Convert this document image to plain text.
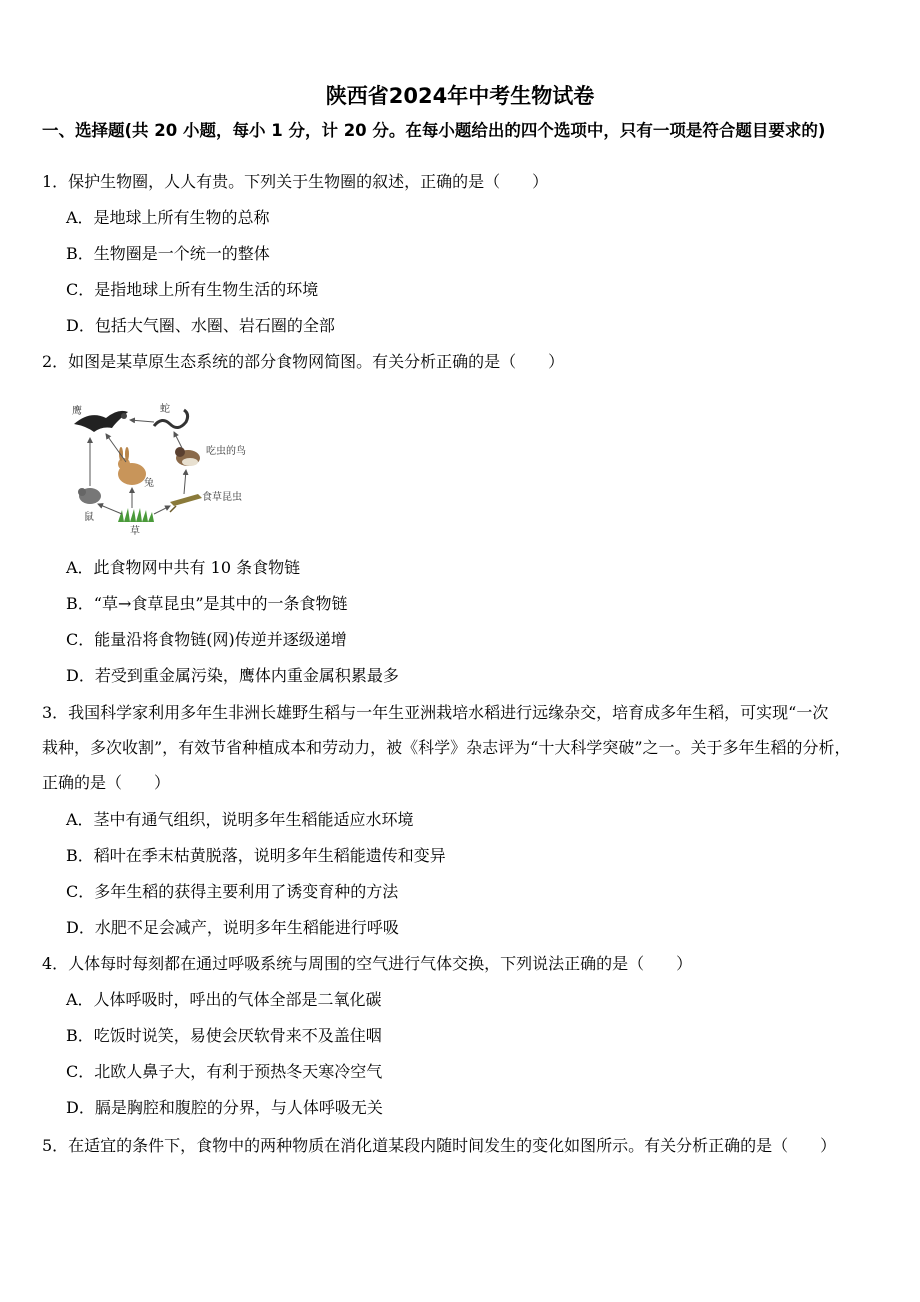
陕西省2024年中考生物试卷
一、选择题(共 20 小题，每小 1 分，计 20 分。在每小题给出的四个选项中，只有一项是符合题目要求的)
1．保护生物圈，人人有贵。下列关于生物圈的叙述，正确的是（　　）
A．是地球上所有生物的总称
B．生物圈是一个统一的整体
C．是指地球上所有生物生活的环境
D．包括大气圈、水圈、岩石圈的全部
2．如图是某草原生态系统的部分食物网简图。有关分析正确的是（　　）
鹰	蛇
吃虫的鸟
兔
鼠
食草昆虫
草
A．此食物网中共有 10 条食物链
B．“草→食草昆虫”是其中的一条食物链
C．能量沿将食物链(网)传逆并逐级递增
D．若受到重金属污染，鹰体内重金属积累最多
3．我国科学家利用多年生非洲长雄野生稻与一年生亚洲栽培水稻进行远缘杂交，培育成多年生稻，可实现“一次
栽种，多次收割”，有效节省种植成本和劳动力，被《科学》杂志评为“十大科学突破”之一。关于多年生稻的分析，
正确的是（　　）
A．茎中有通气组织，说明多年生稻能适应水环境
B．稻叶在季末枯黄脱落，说明多年生稻能遗传和变异
C．多年生稻的获得主要利用了诱变育种的方法
D．水肥不足会减产，说明多年生稻能进行呼吸
4．人体每时每刻都在通过呼吸系统与周围的空气进行气体交换，下列说法正确的是（　　）
A．人体呼吸时，呼出的气体全部是二氧化碳
B．吃饭时说笑，易使会厌软骨来不及盖住咽
C．北欧人鼻子大，有利于预热冬天寒冷空气
D．膈是胸腔和腹腔的分界，与人体呼吸无关
5．在适宜的条件下，食物中的两种物质在消化道某段内随时间发生的变化如图所示。有关分析正确的是（　　）
